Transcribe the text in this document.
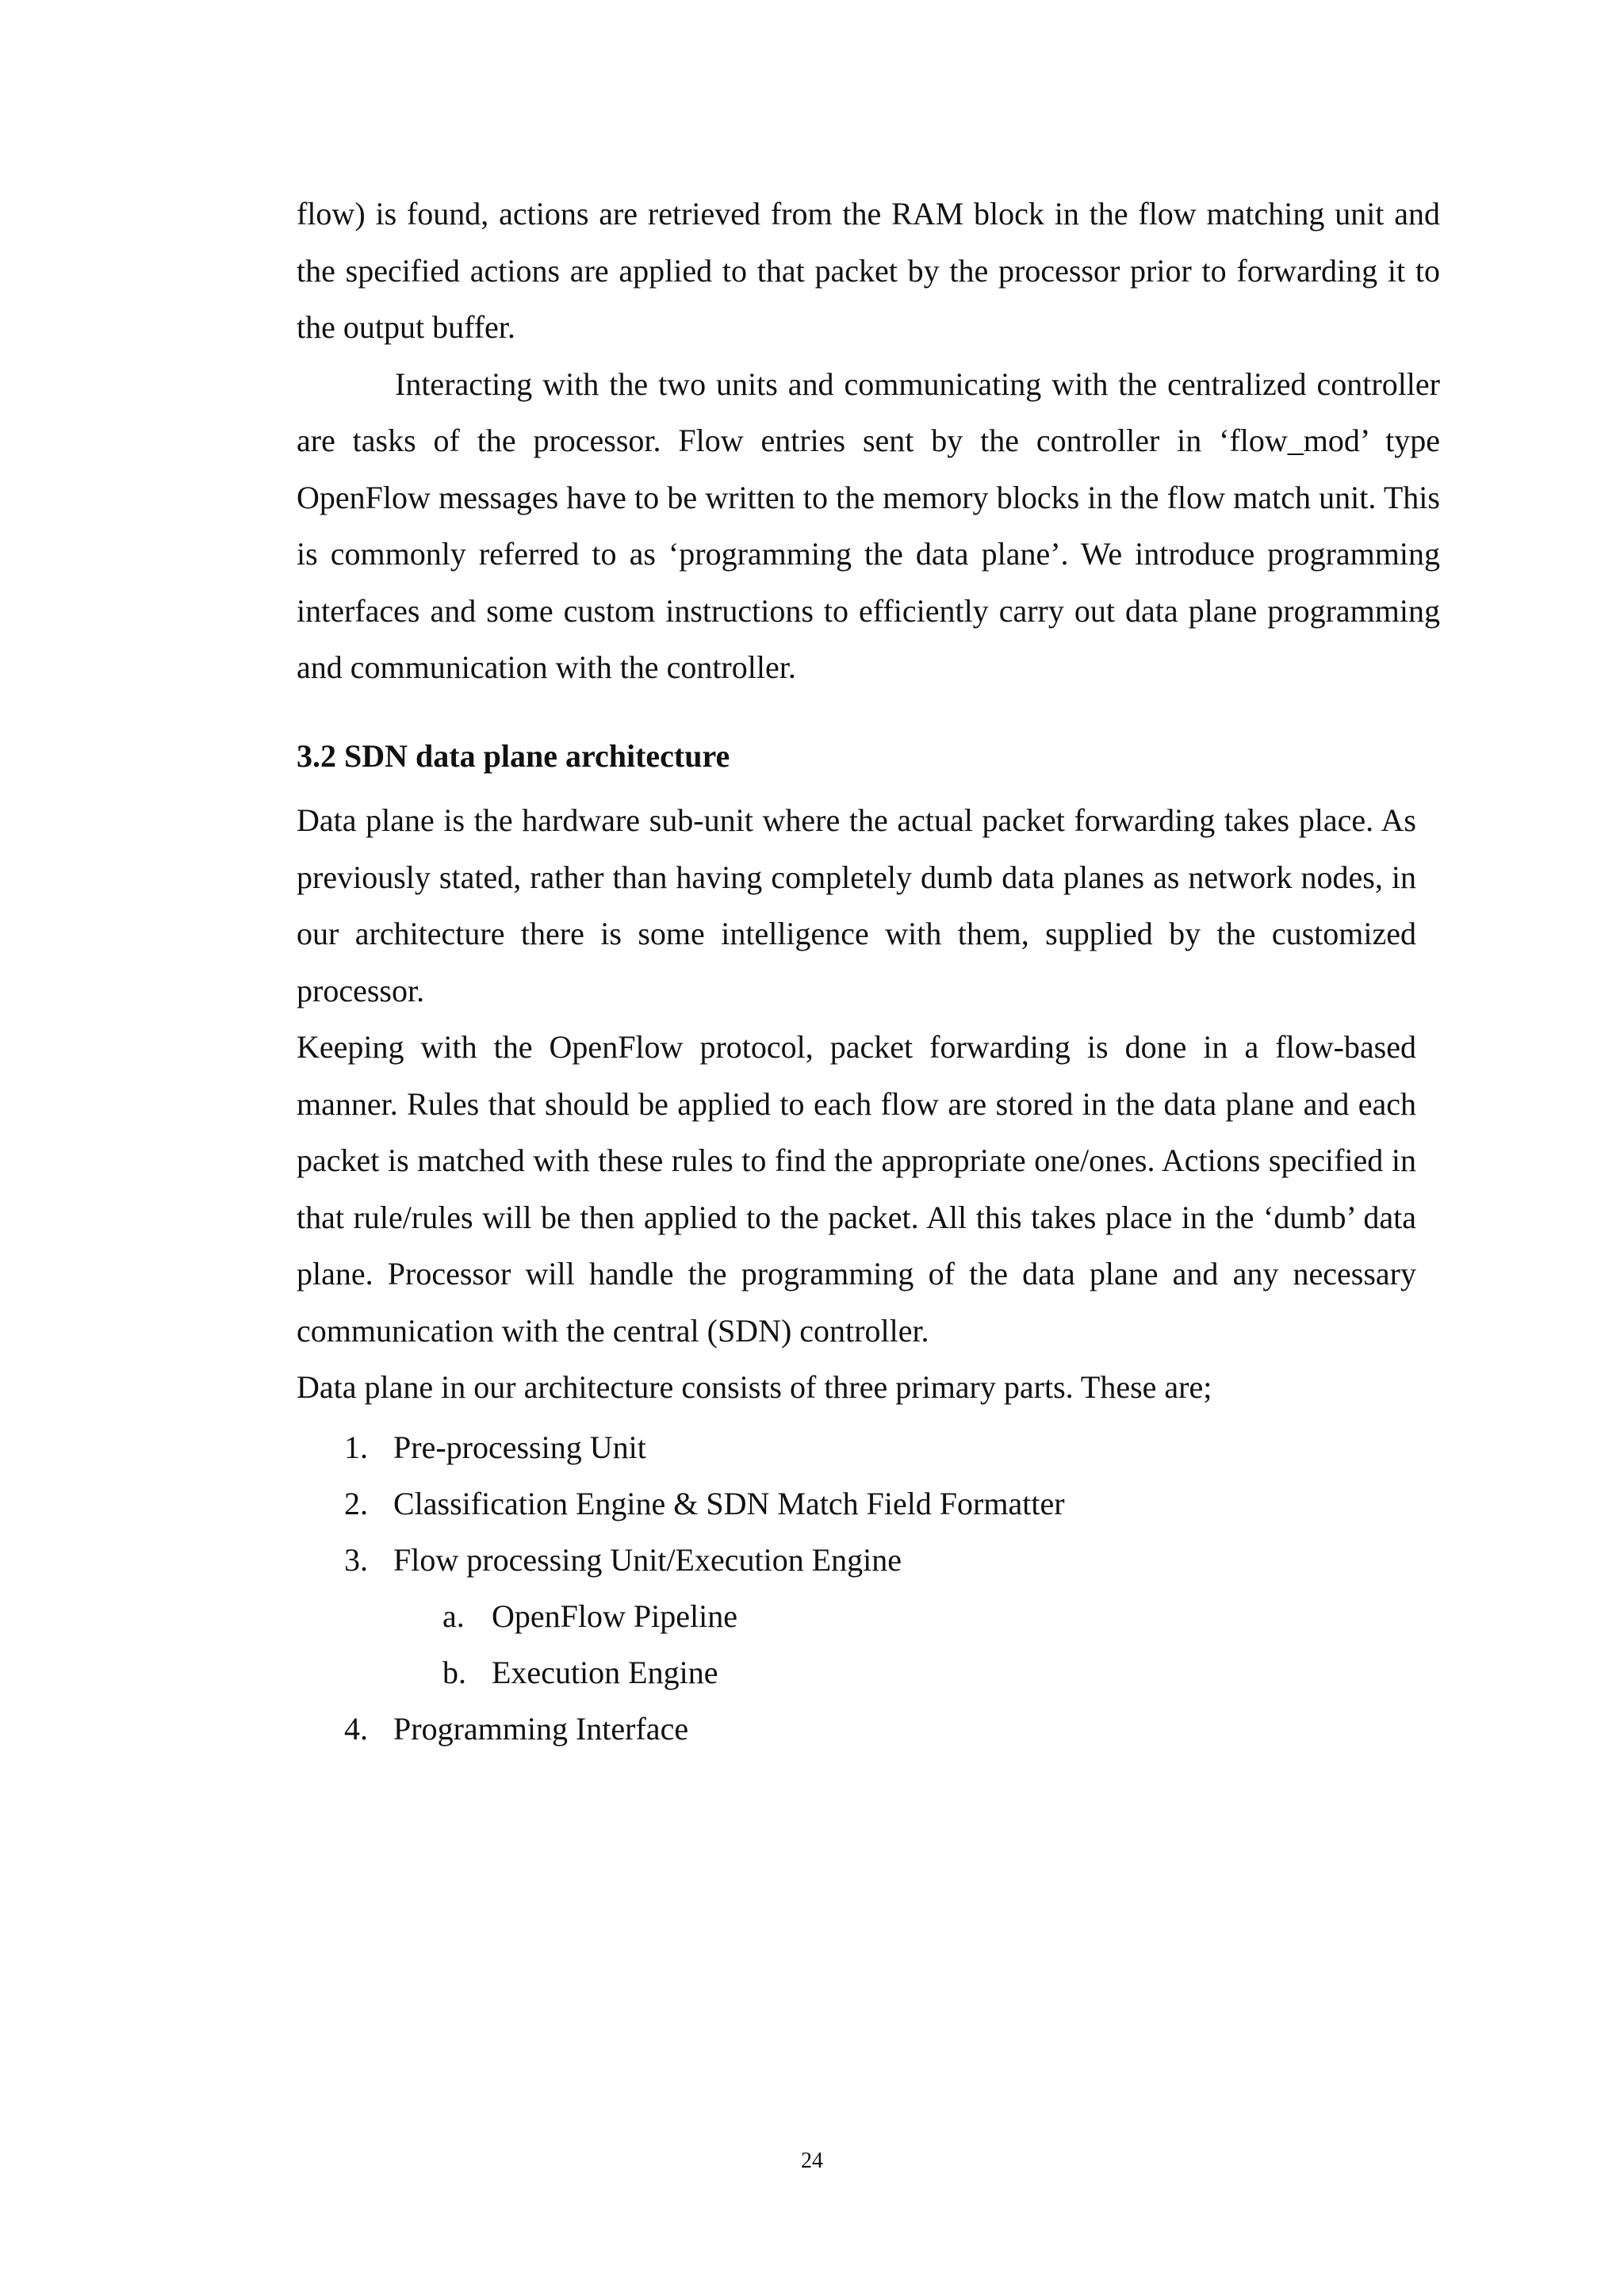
flow) is found, actions are retrieved from the RAM block in the flow matching unit and the specified actions are applied to that packet by the processor prior to forwarding it to the output buffer.

Interacting with the two units and communicating with the centralized controller are tasks of the processor. Flow entries sent by the controller in ‘flow_mod’ type OpenFlow messages have to be written to the memory blocks in the flow match unit. This is commonly referred to as ‘programming the data plane’. We introduce programming interfaces and some custom instructions to efficiently carry out data plane programming and communication with the controller.

3.2 SDN data plane architecture

Data plane is the hardware sub-unit where the actual packet forwarding takes place. As previously stated, rather than having completely dumb data planes as network nodes, in our architecture there is some intelligence with them, supplied by the customized processor.

Keeping with the OpenFlow protocol, packet forwarding is done in a flow-based manner. Rules that should be applied to each flow are stored in the data plane and each packet is matched with these rules to find the appropriate one/ones. Actions specified in that rule/rules will be then applied to the packet. All this takes place in the ‘dumb’ data plane. Processor will handle the programming of the data plane and any necessary communication with the central (SDN) controller.

Data plane in our architecture consists of three primary parts. These are;

1. Pre-processing Unit
2. Classification Engine & SDN Match Field Formatter
3. Flow processing Unit/Execution Engine
a. OpenFlow Pipeline
b. Execution Engine
4. Programming Interface
24
